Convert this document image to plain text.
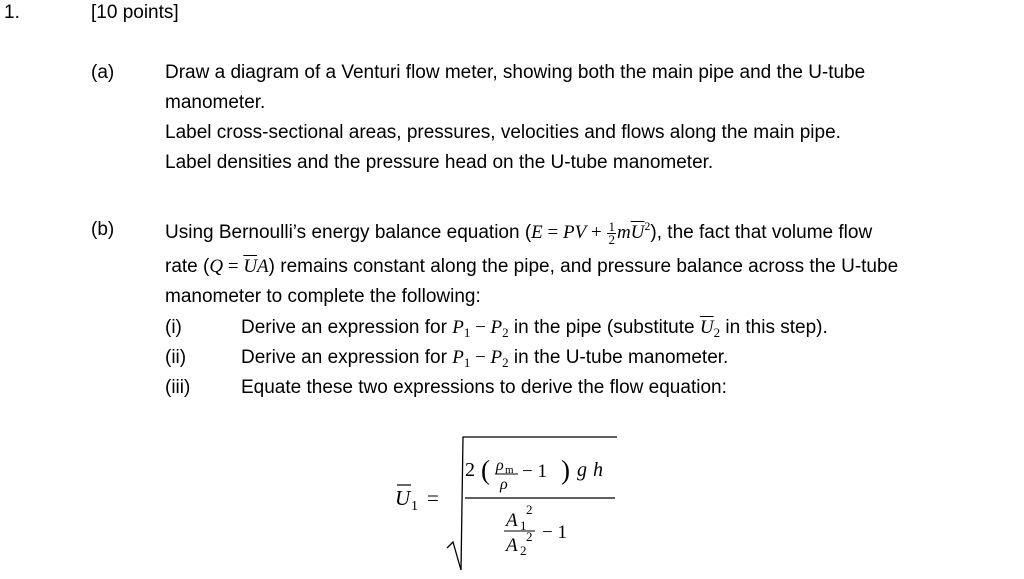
1.	[10 points]
(a)	Draw a diagram of a Venturi flow meter, showing both the main pipe and the U-tube
manometer.
Label cross-sectional areas, pressures, velocities and flows along the main pipe.
Label densities and the pressure head on the U-tube manometer.
(b)	Using Bernoulli’s energy balance equation (E = PV + $\frac{1}{2} m\overline{U}^2$), the fact that volume flow
rate $(Q = \overline{U}A)$ remains constant along the pipe, and pressure balance across the U-tube
manometer to complete the following:
(i)	Derive an expression for $P_1 - P_2$ in the pipe (substitute $\overline{U}_2$ in this step).
(ii)	Derive an expression for $P_1 - P_2$ in the U-tube manometer.
(iii)	Equate these two expressions to derive the flow equation:
U 1 =
2 ( ρ m
ρ
− 1 ) g h
A 1
2
A 2
2 − 1
